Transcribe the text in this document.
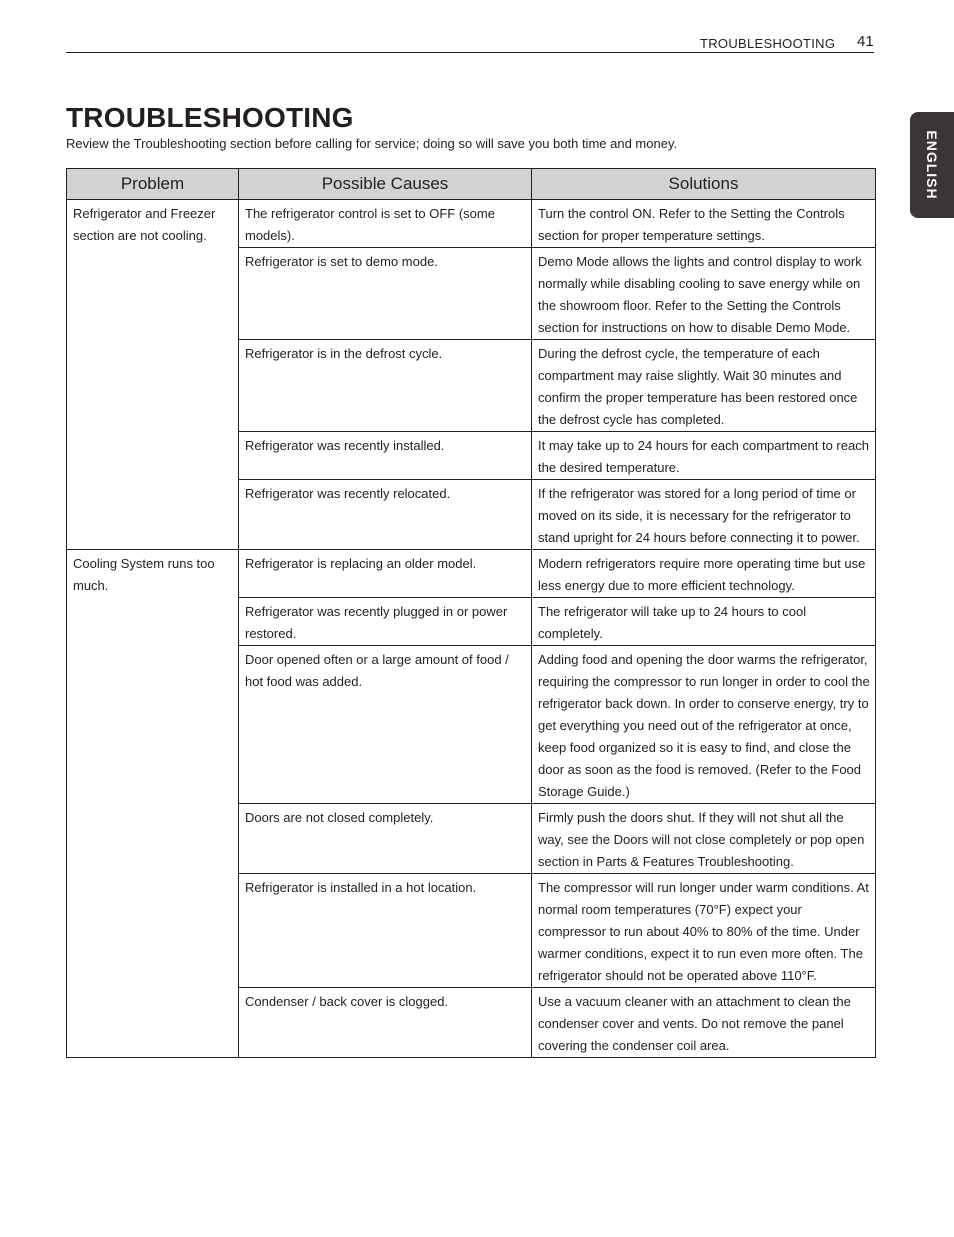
TROUBLESHOOTING 41
TROUBLESHOOTING
Review the Troubleshooting section before calling for service; doing so will save you both time and money.	ENGLISH
Problem	Possible Causes	Solutions
Refrigerator and Freezer section are not cooling.	The refrigerator control is set to OFF (some models).	Turn the control ON. Refer to the Setting the Controls section for proper temperature settings.
	Refrigerator is set to demo mode.	Demo Mode allows the lights and control display to work normally while disabling cooling to save energy while on the showroom floor. Refer to the Setting the Controls section for instructions on how to disable Demo Mode.
	Refrigerator is in the defrost cycle.	During the defrost cycle, the temperature of each compartment may raise slightly. Wait 30 minutes and confirm the proper temperature has been restored once the defrost cycle has completed.
	Refrigerator was recently installed.	It may take up to 24 hours for each compartment to reach the desired temperature.
	Refrigerator was recently relocated.	If the refrigerator was stored for a long period of time or moved on its side, it is necessary for the refrigerator to stand upright for 24 hours before connecting it to power.
Cooling System runs too much.	Refrigerator is replacing an older model.	Modern refrigerators require more operating time but use less energy due to more efficient technology.
	Refrigerator was recently plugged in or power restored.	The refrigerator will take up to 24 hours to cool completely.
	Door opened often or a large amount of food / hot food was added.	Adding food and opening the door warms the refrigerator, requiring the compressor to run longer in order to cool the refrigerator back down. In order to conserve energy, try to get everything you need out of the refrigerator at once, keep food organized so it is easy to find, and close the door as soon as the food is removed. (Refer to the Food Storage Guide.)
	Doors are not closed completely.	Firmly push the doors shut. If they will not shut all the way, see the Doors will not close completely or pop open section in Parts & Features Troubleshooting.
	Refrigerator is installed in a hot location.	The compressor will run longer under warm conditions. At normal room temperatures (70°F) expect your compressor to run about 40% to 80% of the time. Under warmer conditions, expect it to run even more often. The refrigerator should not be operated above 110°F.
	Condenser / back cover is clogged.	Use a vacuum cleaner with an attachment to clean the condenser cover and vents. Do not remove the panel covering the condenser coil area.
